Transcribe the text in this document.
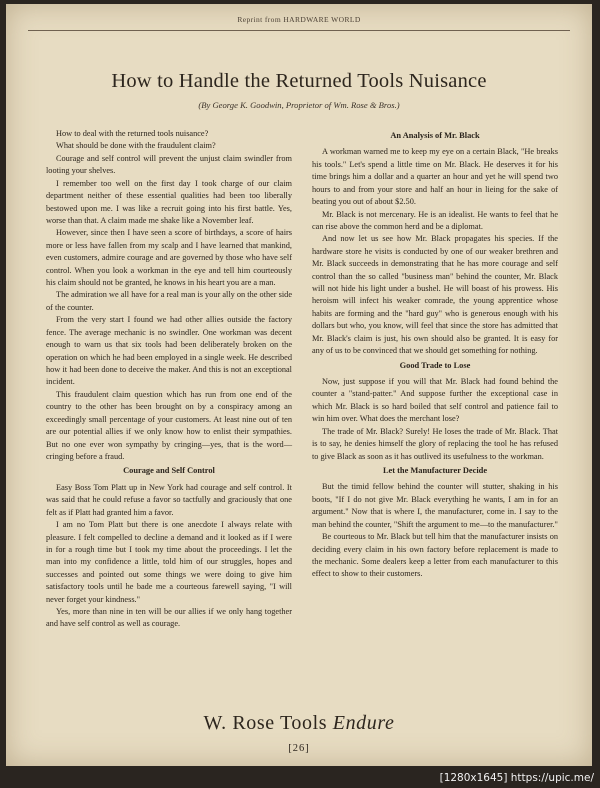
Reprint from HARDWARE WORLD
How to Handle the Returned Tools Nuisance
(By George K. Goodwin, Proprietor of Wm. Rose & Bros.)

How to deal with the returned tools nuisance?

What should be done with the fraudulent claim?

Courage and self control will prevent the unjust claim swindler from looting your shelves.

I remember too well on the first day I took charge of our claim department neither of these essential qualities had been too liberally bestowed upon me. I was like a recruit going into his first battle. Yes, worse than that. A claim made me shake like a November leaf.

However, since then I have seen a score of birthdays, a score of hairs more or less have fallen from my scalp and I have learned that mankind, even customers, admire courage and are governed by those who have self control. When you look a workman in the eye and tell him courteously his claim should not be granted, he knows in his heart you are a man.

The admiration we all have for a real man is your ally on the other side of the counter.

From the very start I found we had other allies outside the factory fence. The average mechanic is no swindler. One workman was decent enough to warn us that six tools had been deliberately broken on the operation on which he had been employed in a single week. He described how it had been done to deceive the maker. And this is not an exceptional incident.

This fraudulent claim question which has run from one end of the country to the other has been brought on by a conspiracy among an exceedingly small percentage of your customers. At least nine out of ten are our potential allies if we only know how to enlist their sympathies. But no one ever won sympathy by cringing—yes, that is the word—cringing before a fraud.

Courage and Self Control

Easy Boss Tom Platt up in New York had courage and self control. It was said that he could refuse a favor so tactfully and graciously that one felt as if Platt had granted him a favor.

I am no Tom Platt but there is one anecdote I always relate with pleasure. I felt compelled to decline a demand and it looked as if I were in for a rough time but I took my time about the proceedings. I let the man into my confidence a little, told him of our struggles, hopes and successes and pointed out some things we were doing to give him satisfactory tools until he bade me a courteous farewell saying, "I will never forget your kindness."

Yes, more than nine in ten will be our allies if we only hang together and have self control as well as courage.

An Analysis of Mr. Black

A workman warned me to keep my eye on a certain Black, "He breaks his tools." Let's spend a little time on Mr. Black. He deserves it for his time brings him a dollar and a quarter an hour and yet he will spend two hours to and from your store and half an hour in lieing for the sake of beating you out of about $2.50.

Mr. Black is not mercenary. He is an idealist. He wants to feel that he can rise above the common herd and be a diplomat.

And now let us see how Mr. Black propagates his species. If the hardware store he visits is conducted by one of our weaker brethren and Mr. Black succeeds in demonstrating that he has more courage and self control than the so called "business man" behind the counter, Mr. Black will not hide his light under a bushel. He will boast of his prowess. His heroism will infect his weaker comrade, the young apprentice whose habits are forming and the "hard guy" who is generous enough with his dollars but who, you know, will feel that since the store has admitted that Mr. Black's claim is just, his own should also be granted. It is easy for any of us to be convinced that we should get something for nothing.

Good Trade to Lose

Now, just suppose if you will that Mr. Black had found behind the counter a "stand-patter." And suppose further the exceptional case in which Mr. Black is so hard boiled that self control and patience fail to win him over. What does the merchant lose?

The trade of Mr. Black? Surely! He loses the trade of Mr. Black. That is to say, he denies himself the glory of replacing the tool he has refused to give Black as soon as it has outlived its usefulness to the workman.

Let the Manufacturer Decide

But the timid fellow behind the counter will stutter, shaking in his boots, "If I do not give Mr. Black everything he wants, I am in for an argument." Now that is where I, the manufacturer, come in. I say to the man behind the counter, "Shift the argument to me—to the manufacturer."

Be courteous to Mr. Black but tell him that the manufacturer insists on deciding every claim in his own factory before replacement is made to the mechanic. Some dealers keep a letter from each manufacturer to this effect to show to their customers.

W. Rose Tools Endure
[26]
[1280x1645] https://upic.me/
